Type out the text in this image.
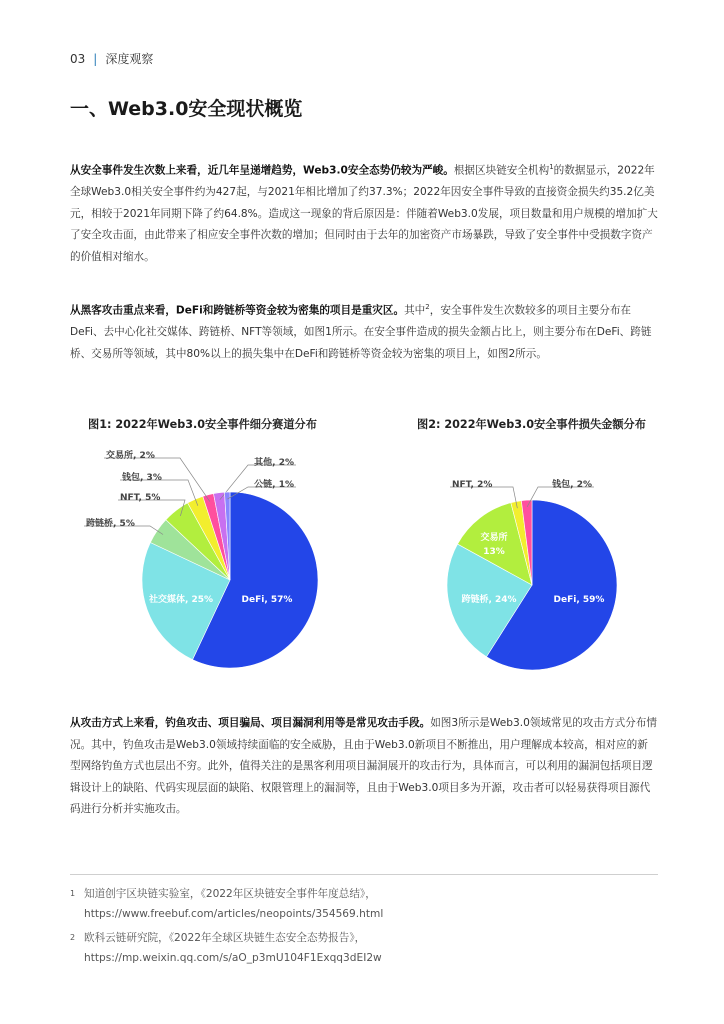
03 | 深度观察
一、Web3.0安全现状概览

从安全事件发生次数上来看，近几年呈递增趋势，Web3.0安全态势仍较为严峻。根据区块链安全机构$^1$的数据显示，2022年全球Web3.0相关安全事件约为427起，与2021年相比增加了约37.3%；2022年因安全事件导致的直接资金损失约35.2亿美元，相较于2021年同期下降了约64.8%。造成这一现象的背后原因是：伴随着Web3.0发展，项目数量和用户规模的增加扩大了安全攻击面，由此带来了相应安全事件次数的增加；但同时由于去年的加密资产市场暴跌，导致了安全事件中受损数字资产的价值相对缩水。

从黑客攻击重点来看，DeFi和跨链桥等资金较为密集的项目是重灾区。其中$^2$，安全事件发生次数较多的项目主要分布在DeFi、去中心化社交媒体、跨链桥、NFT等领域，如图1所示。在安全事件造成的损失金额占比上，则主要分布在DeFi、跨链桥、交易所等领域，其中80%以上的损失集中在DeFi和跨链桥等资金较为密集的项目上，如图2所示。

图1: 2022年Web3.0安全事件细分赛道分布	图2: 2022年Web3.0安全事件损失金额分布
DeFi, 57%
社交媒体, 25%
跨链桥, 5%
NFT, 5%
钱包, 3%
交易所, 2%
其他, 2%
公链, 1%
DeFi, 59%
跨链桥, 24%
交易所
13%
NFT, 2%	钱包, 2%

从攻击方式上来看，钓鱼攻击、项目骗局、项目漏洞利用等是常见攻击手段。如图3所示是Web3.0领域常见的攻击方式分布情况。其中，钓鱼攻击是Web3.0领域持续面临的安全威胁，且由于Web3.0新项目不断推出，用户理解成本较高，相对应的新型网络钓鱼方式也层出不穷。此外，值得关注的是黑客利用项目漏洞展开的攻击行为，具体而言，可以利用的漏洞包括项目逻辑设计上的缺陷、代码实现层面的缺陷、权限管理上的漏洞等，且由于Web3.0项目多为开源，攻击者可以轻易获得项目源代码进行分析并实施攻击。

1 知道创宇区块链实验室，《2022年区块链安全事件年度总结》，
https://www.freebuf.com/articles/neopoints/354569.html
2 欧科云链研究院，《2022年全球区块链生态安全态势报告》，
https://mp.weixin.qq.com/s/aO_p3mU104F1Exqq3dEI2w
